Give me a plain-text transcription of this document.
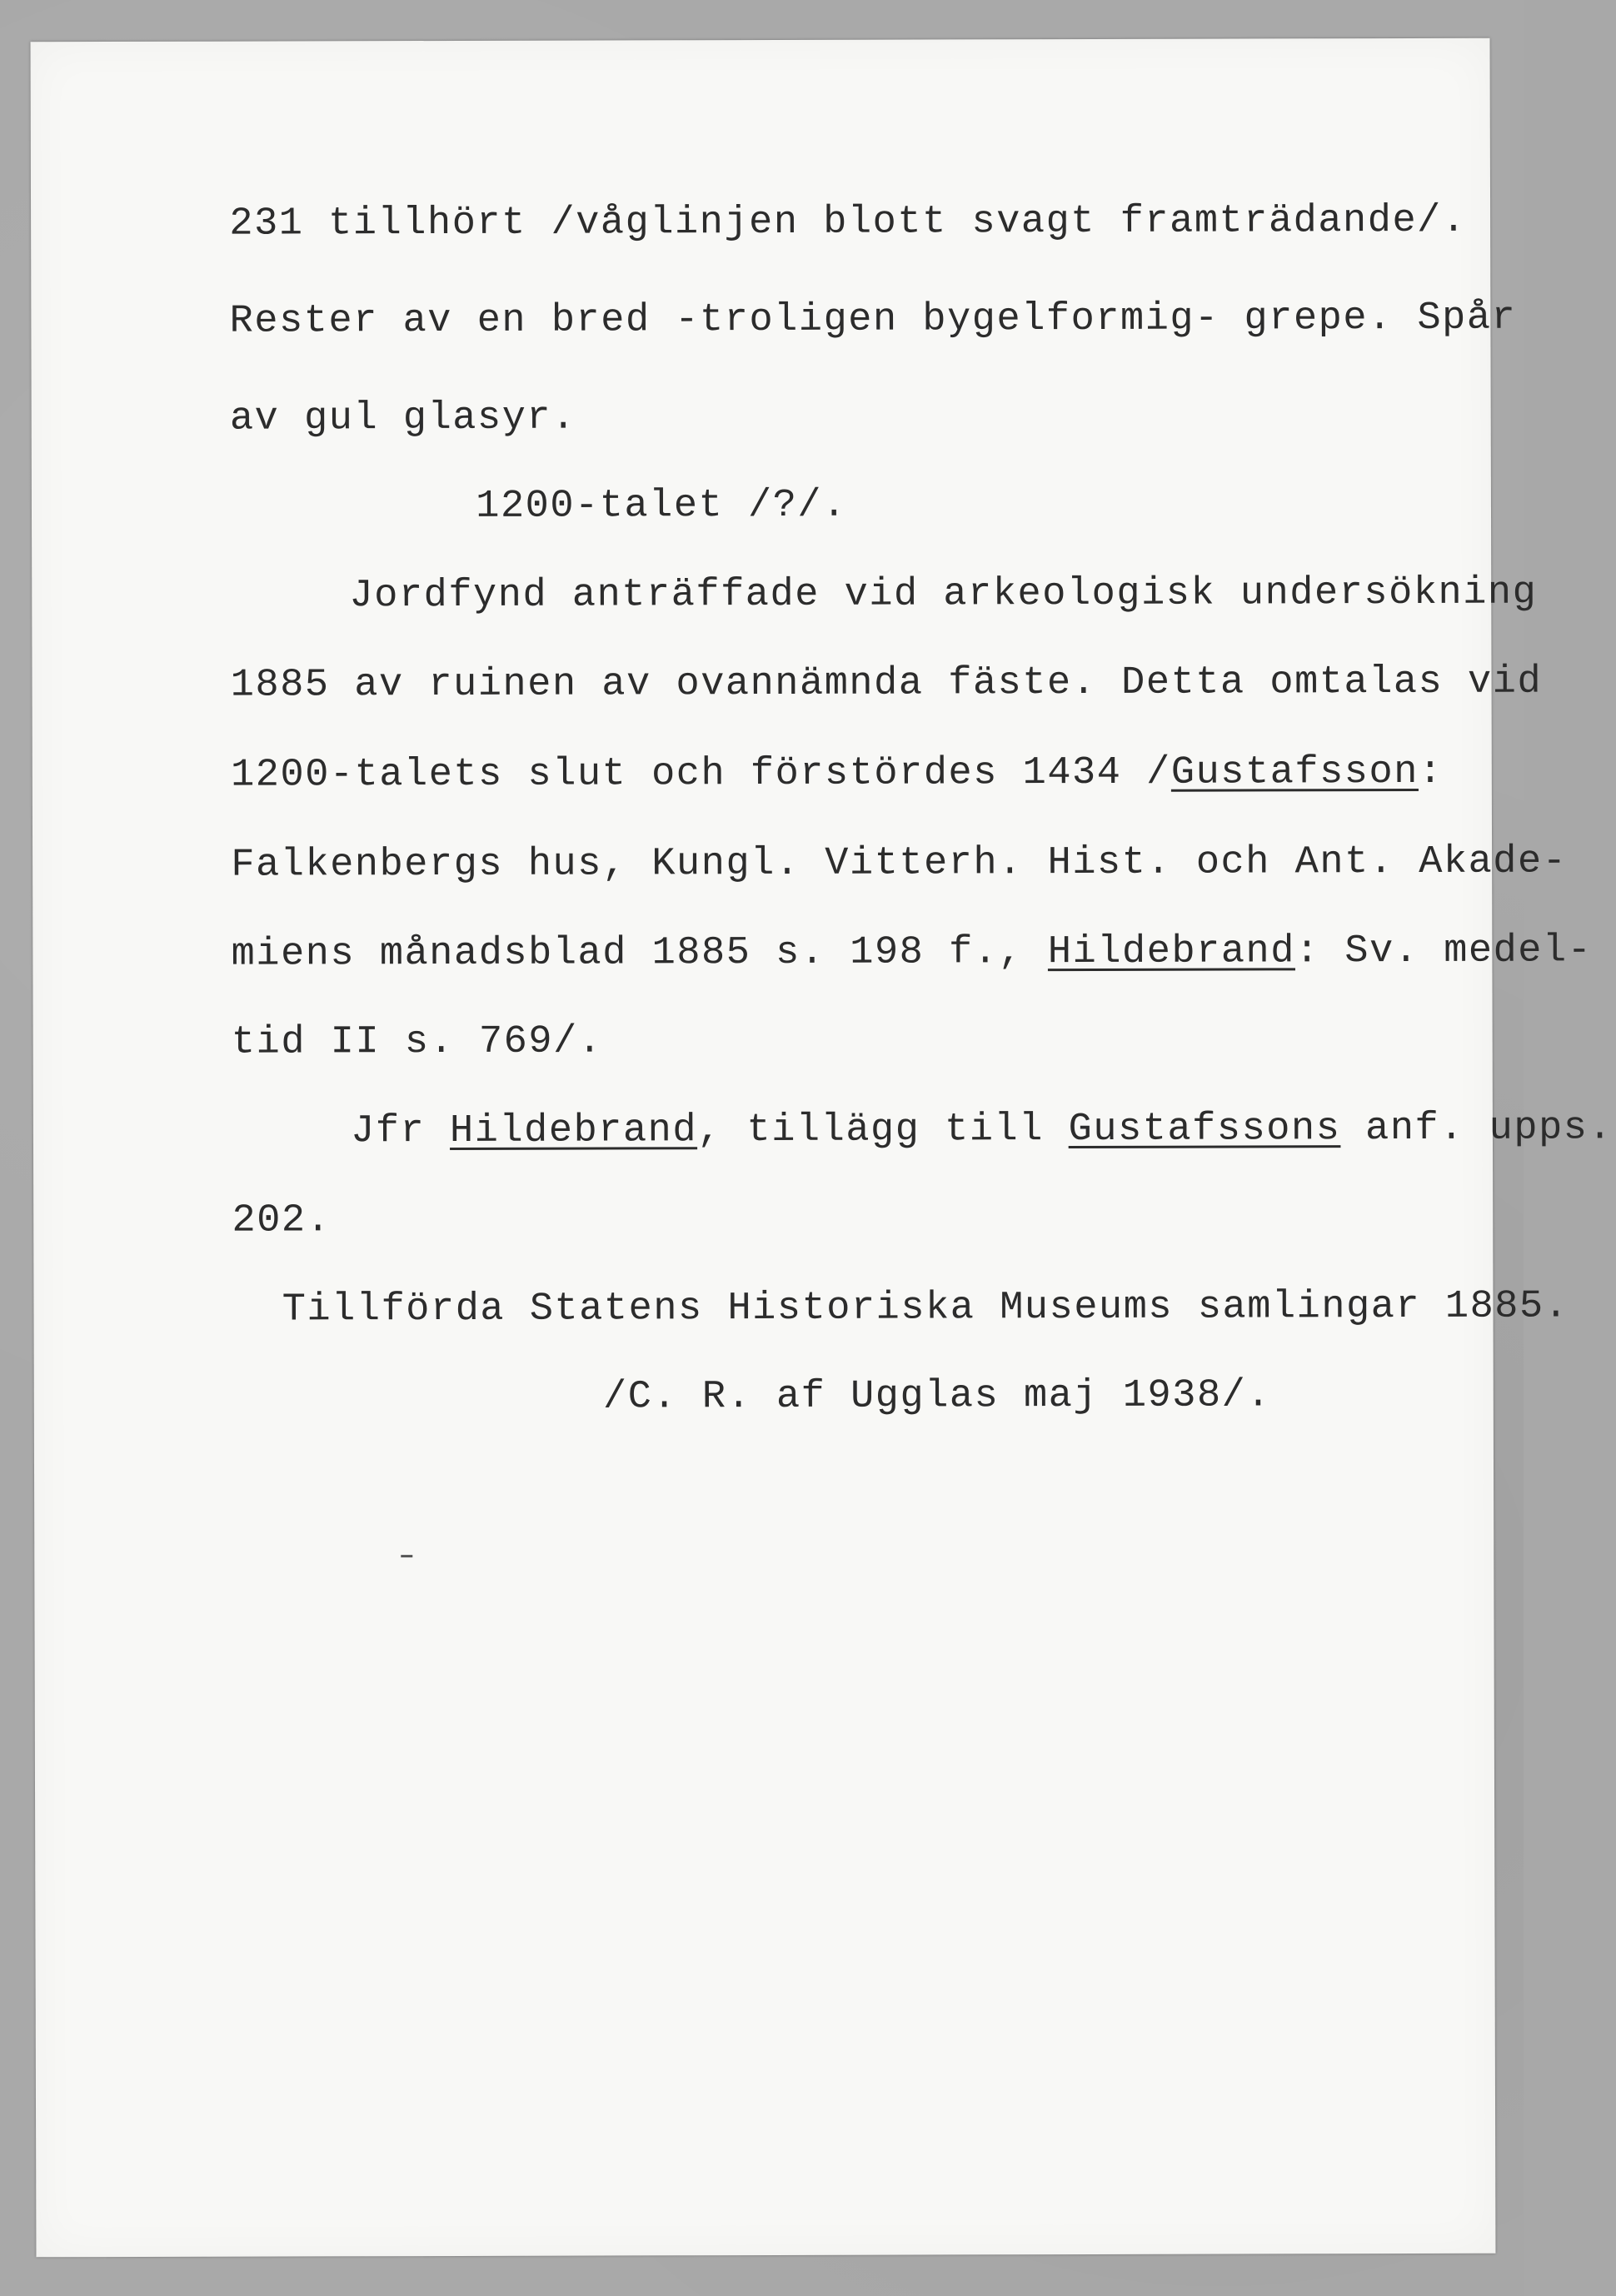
231 tillhört /våglinjen blott svagt framträdande/.

Rester av en bred -troligen bygelformig- grepe. Spår

av gul glasyr.

1200-talet /?/.

Jordfynd anträffade vid arkeologisk undersökning

1885 av ruinen av ovannämnda fäste. Detta omtalas vid

1200-talets slut och förstördes 1434 /Gustafsson:

Falkenbergs hus, Kungl. Vitterh. Hist. och Ant. Akade-

miens månadsblad 1885 s. 198 f., Hildebrand: Sv. medel-

tid II s. 769/.

Jfr Hildebrand, tillägg till Gustafssons anf. upps.

202.

Tillförda Statens Historiska Museums samlingar 1885.

/C. R. af Ugglas maj 1938/.
